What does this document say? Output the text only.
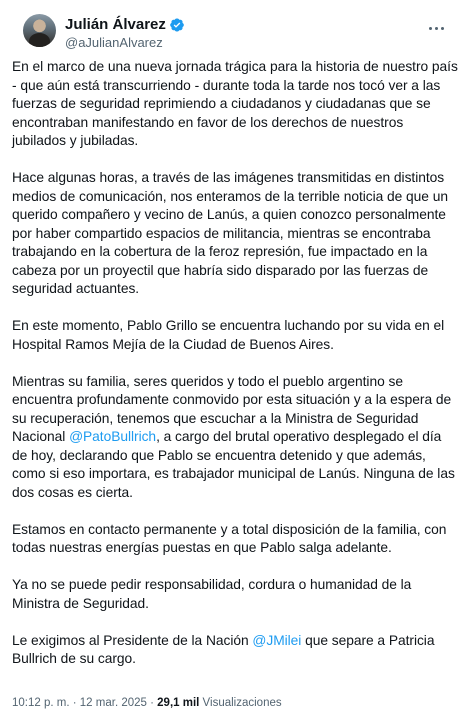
Julián Álvarez
@aJulianAlvarez

En el marco de una nueva jornada trágica para la historia de nuestro país - que aún está transcurriendo - durante toda la tarde nos tocó ver a las fuerzas de seguridad reprimiendo a ciudadanos y ciudadanas que se encontraban manifestando en favor de los derechos de nuestros jubilados y jubiladas.

Hace algunas horas, a través de las imágenes transmitidas en distintos medios de comunicación, nos enteramos de la terrible noticia de que un querido compañero y vecino de Lanús, a quien conozco personalmente por haber compartido espacios de militancia, mientras se encontraba trabajando en la cobertura de la feroz represión, fue impactado en la cabeza por un proyectil que habría sido disparado por las fuerzas de seguridad actuantes.

En este momento, Pablo Grillo se encuentra luchando por su vida en el Hospital Ramos Mejía de la Ciudad de Buenos Aires.

Mientras su familia, seres queridos y todo el pueblo argentino se encuentra profundamente conmovido por esta situación y a la espera de su recuperación, tenemos que escuchar a la Ministra de Seguridad Nacional @PatoBullrich, a cargo del brutal operativo desplegado el día de hoy, declarando que Pablo se encuentra detenido y que además, como si eso importara, es trabajador municipal de Lanús. Ninguna de las dos cosas es cierta.

Estamos en contacto permanente y a total disposición de la familia, con todas nuestras energías puestas en que Pablo salga adelante.

Ya no se puede pedir responsabilidad, cordura o humanidad de la Ministra de Seguridad.

Le exigimos al Presidente de la Nación @JMilei que separe a Patricia Bullrich de su cargo.

10:12 p. m. · 12 mar. 2025 · 29,1 mil Visualizaciones
